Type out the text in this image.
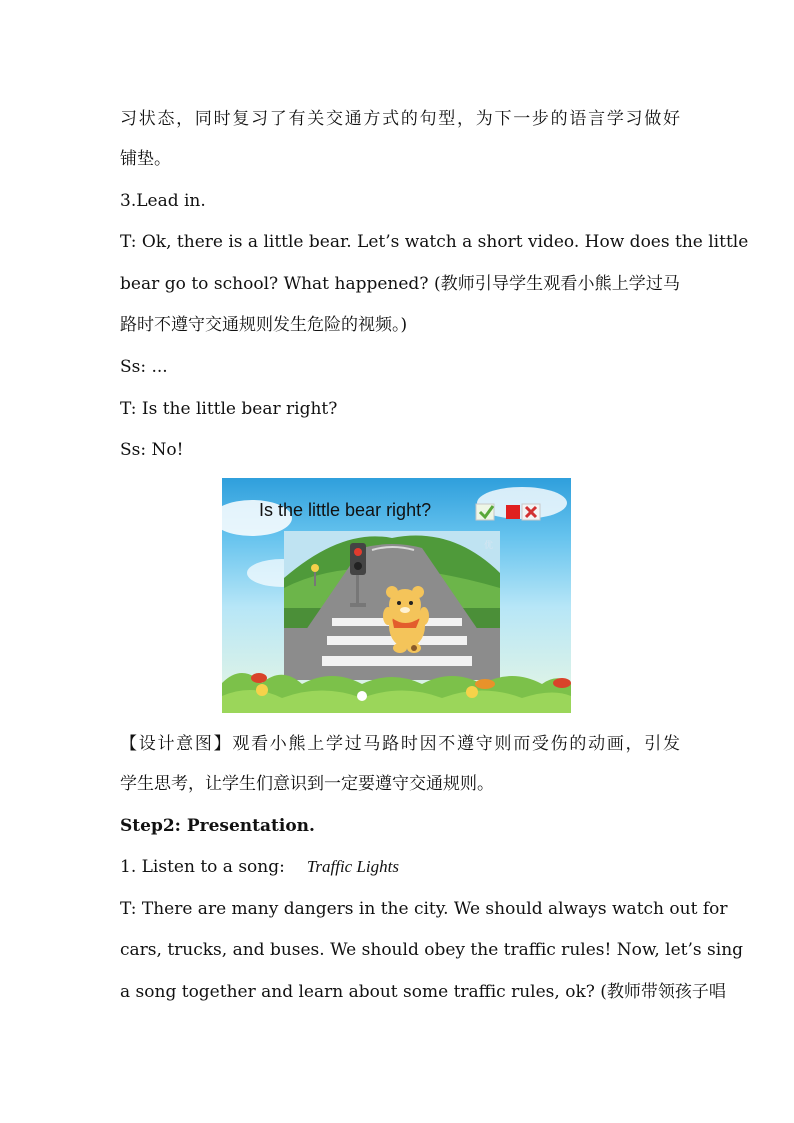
习状态，同时复习了有关交通方式的句型，为下一步的语言学习做好
铺垫。
3.Lead in.
T: Ok, there is a little bear. Let’s watch a short video. How does the little
bear go to school? What happened? (教师引导学生观看小熊上学过马
路时不遵守交通规则发生危险的视频。)
Ss: ...
T: Is the little bear right?
Ss: No!
Is the little bear right?
优
【设计意图】观看小熊上学过马路时因不遵守则而受伤的动画，引发
学生思考，让学生们意识到一定要遵守交通规则。
Step2: Presentation.
1. Listen to a song: Traffic Lights
T: There are many dangers in the city. We should always watch out for
cars, trucks, and buses. We should obey the traffic rules! Now, let’s sing
a song together and learn about some traffic rules, ok? (教师带领孩子唱
